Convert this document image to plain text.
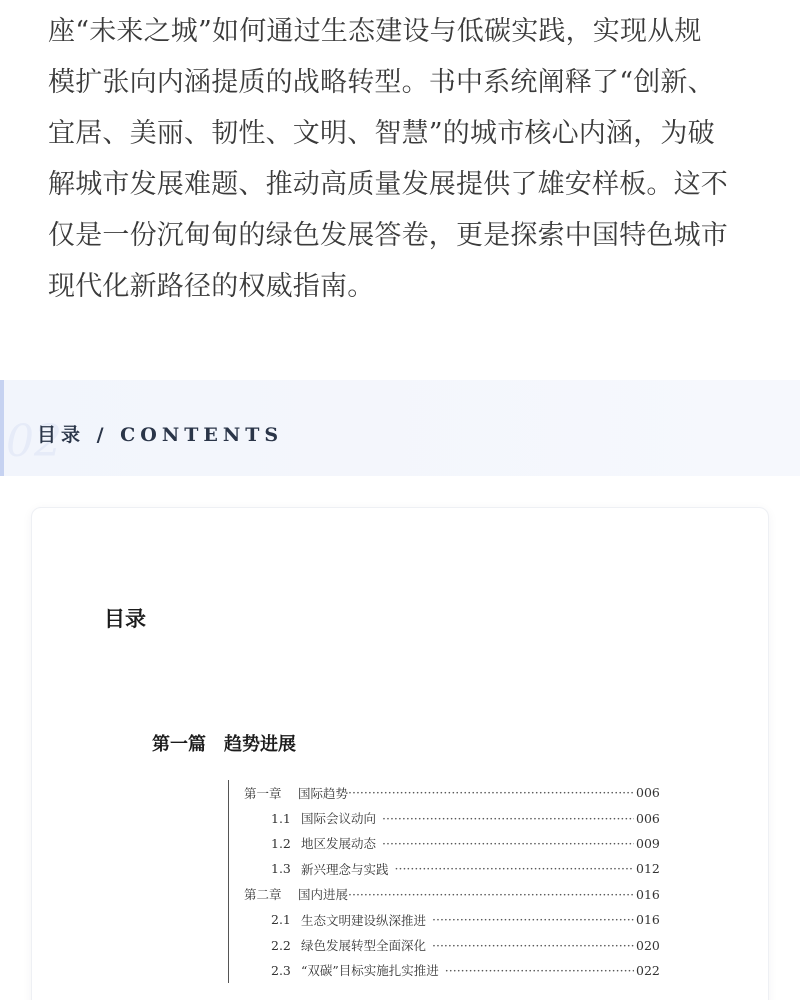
座“未来之城”如何通过生态建设与低碳实践，实现从规
模扩张向内涵提质的战略转型。书中系统阐释了“创新、
宜居、美丽、韧性、文明、智慧”的城市核心内涵，为破
解城市发展难题、推动高质量发展提供了雄安样板。这不
仅是一份沉甸甸的绿色发展答卷，更是探索中国特色城市
现代化新路径的权威指南。
02
目录 / CONTENTS
目录
第一篇 趋势进展
第一章	国际趋势 ·····	006
1.1 国际会议动向 ·····	006
1.2 地区发展动态 ·····	009
1.3 新兴理念与实践 ·····	012
第二章	国内进展 ·····	016
2.1 生态文明建设纵深推进 ·····	016
2.2 绿色发展转型全面深化 ·····	020
2.3 “双碳”目标实施扎实推进 ·····	022
